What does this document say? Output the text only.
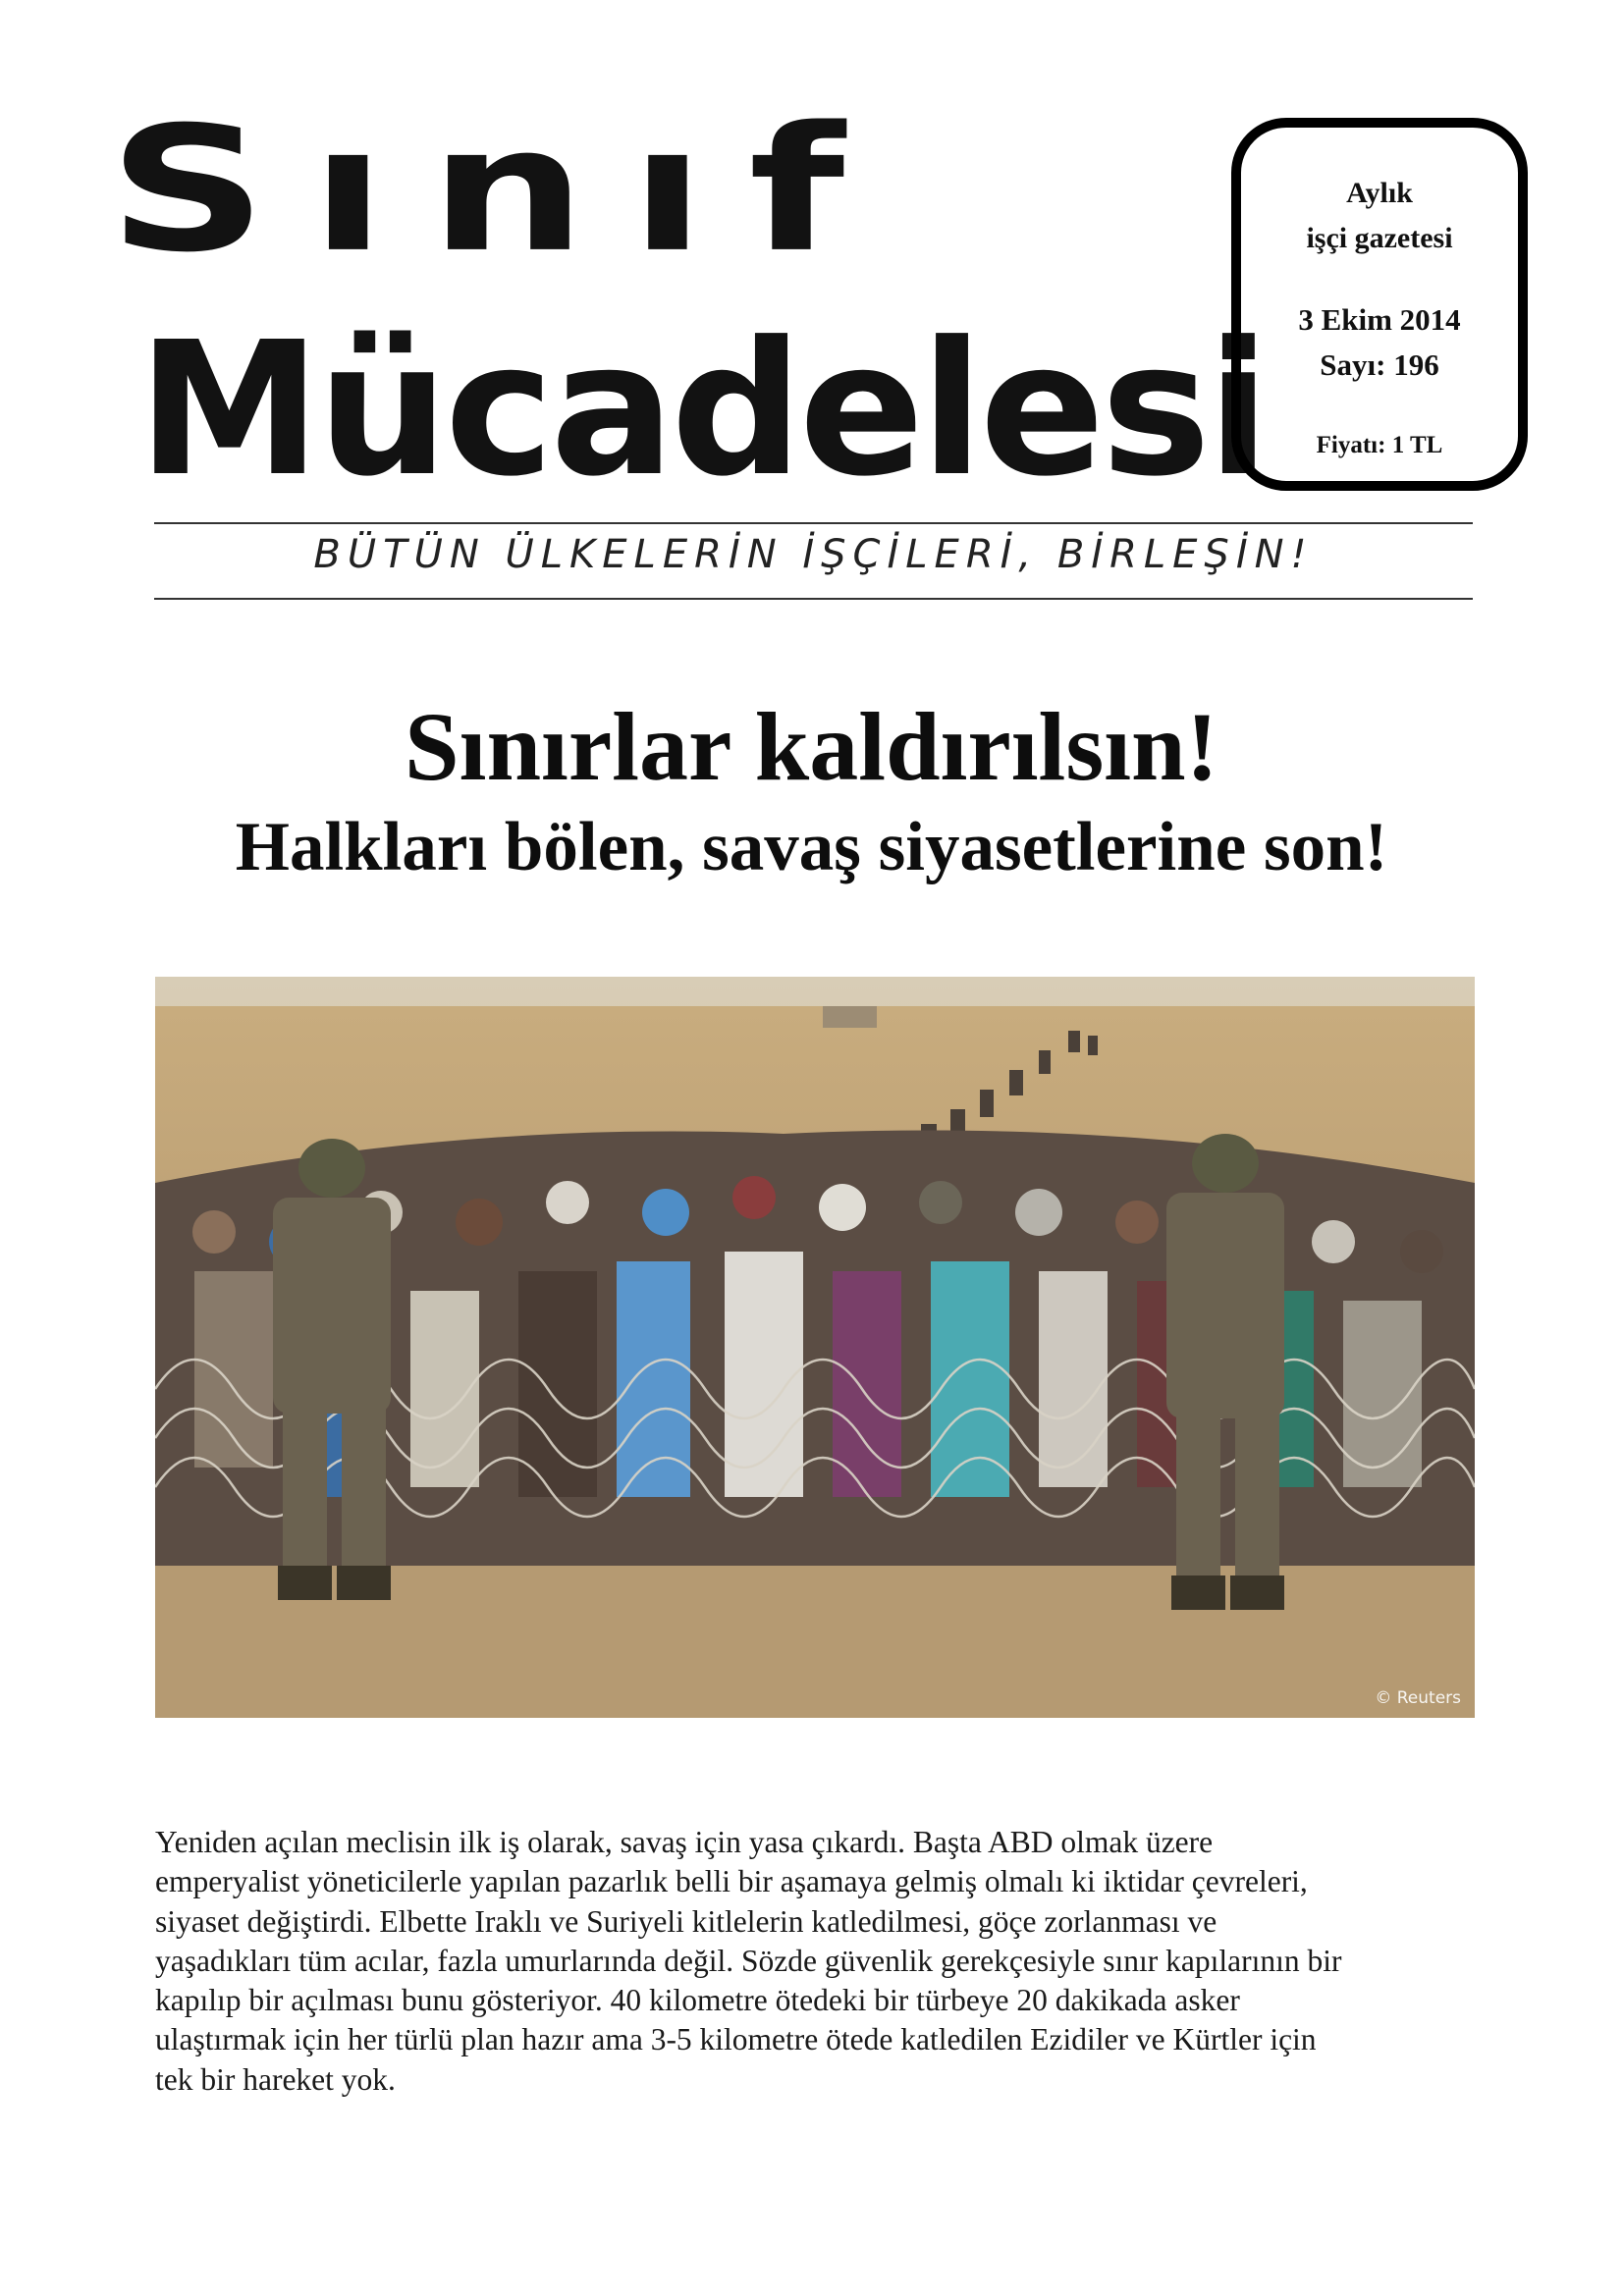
Sınıf
Mücadelesi
Aylık
işçi gazetesi
3 Ekim 2014
Sayı: 196
Fiyatı: 1 TL
BÜTÜN ÜLKELERİN İŞÇİLERİ, BİRLEŞİN!
Sınırlar kaldırılsın!
Halkları bölen, savaş siyasetlerine son!
© Reuters
Yeniden açılan meclisin ilk iş olarak, savaş için yasa çıkardı. Başta ABD olmak üzere
emperyalist yöneticilerle yapılan pazarlık belli bir aşamaya gelmiş olmalı ki iktidar çevreleri,
siyaset değiştirdi. Elbette Iraklı ve Suriyeli kitlelerin katledilmesi, göçe zorlanması ve
yaşadıkları tüm acılar, fazla umurlarında değil. Sözde güvenlik gerekçesiyle sınır kapılarının bir
kapılıp bir açılması bunu gösteriyor. 40 kilometre ötedeki bir türbeye 20 dakikada asker
ulaştırmak için her türlü plan hazır ama 3-5 kilometre ötede katledilen Ezidiler ve Kürtler için
tek bir hareket yok.
